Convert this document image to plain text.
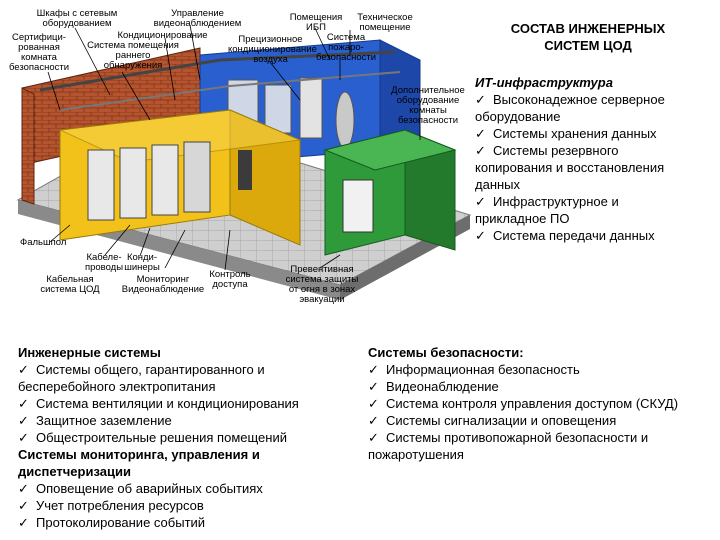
СОСТАВ ИНЖЕНЕРНЫХ
СИСТЕМ ЦОД
Шкафы с сетевым
оборудованием
Управление
видеонаблюдением
Помещения
ИБП
Техническое
помещение
Сертифици-
рованная
комната
безопасности
Кондиционирование
Система помещения
раннего
обнаружения
Прецизионное
кондиционирование
воздуха
Система
пожаро-
безопасности
Дополнительное
оборудование
комнаты
безопасности
Фальшпол
Кабеле-
проводы
Конди-
шинеры
Кабельная
система ЦОД
Мониторинг
Видеонаблюдение
Контроль
доступа
Превентивная
система защиты
от огня в зонах
эвакуации
ИТ-инфраструктура
✓ Высоконадежное серверное оборудование
✓ Системы хранения данных
✓ Системы резервного копирования и восстановления данных
✓ Инфраструктурное и прикладное ПО
✓ Система передачи данных
Инженерные системы
✓ Системы общего, гарантированного и бесперебойного электропитания
✓ Система вентиляции и кондиционирования
✓ Защитное заземление
✓ Общестроительные решения помещений
Системы мониторинга, управления и диспетчеризации
✓ Оповещение об аварийных событиях
✓ Учет потребления ресурсов
✓ Протоколирование событий
Системы безопасности:
✓ Информационная безопасность
✓ Видеонаблюдение
✓ Система контроля управления доступом (СКУД)
✓ Системы сигнализации и оповещения
✓ Системы противопожарной безопасности и пожаротушения
